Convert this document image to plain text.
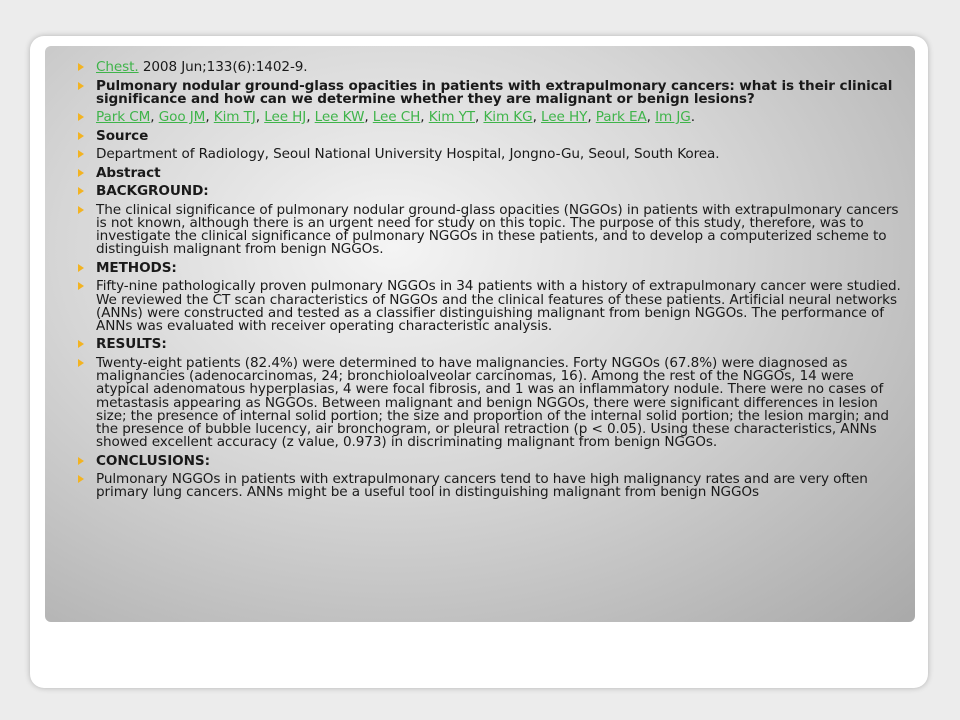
Chest. 2008 Jun;133(6):1402-9.
Pulmonary nodular ground-glass opacities in patients with extrapulmonary cancers: what is their clinical significance and how can we determine whether they are malignant or benign lesions?
Park CM, Goo JM, Kim TJ, Lee HJ, Lee KW, Lee CH, Kim YT, Kim KG, Lee HY, Park EA, Im JG.
Source
Department of Radiology, Seoul National University Hospital, Jongno-Gu, Seoul, South Korea.
Abstract
BACKGROUND:
The clinical significance of pulmonary nodular ground-glass opacities (NGGOs) in patients with extrapulmonary cancers is not known, although there is an urgent need for study on this topic. The purpose of this study, therefore, was to investigate the clinical significance of pulmonary NGGOs in these patients, and to develop a computerized scheme to distinguish malignant from benign NGGOs.
METHODS:
Fifty-nine pathologically proven pulmonary NGGOs in 34 patients with a history of extrapulmonary cancer were studied. We reviewed the CT scan characteristics of NGGOs and the clinical features of these patients. Artificial neural networks (ANNs) were constructed and tested as a classifier distinguishing malignant from benign NGGOs. The performance of ANNs was evaluated with receiver operating characteristic analysis.
RESULTS:
Twenty-eight patients (82.4%) were determined to have malignancies. Forty NGGOs (67.8%) were diagnosed as malignancies (adenocarcinomas, 24; bronchioloalveolar carcinomas, 16). Among the rest of the NGGOs, 14 were atypical adenomatous hyperplasias, 4 were focal fibrosis, and 1 was an inflammatory nodule. There were no cases of metastasis appearing as NGGOs. Between malignant and benign NGGOs, there were significant differences in lesion size; the presence of internal solid portion; the size and proportion of the internal solid portion; the lesion margin; and the presence of bubble lucency, air bronchogram, or pleural retraction (p < 0.05). Using these characteristics, ANNs showed excellent accuracy (z value, 0.973) in discriminating malignant from benign NGGOs.
CONCLUSIONS:
Pulmonary NGGOs in patients with extrapulmonary cancers tend to have high malignancy rates and are very often primary lung cancers. ANNs might be a useful tool in distinguishing malignant from benign NGGOs
